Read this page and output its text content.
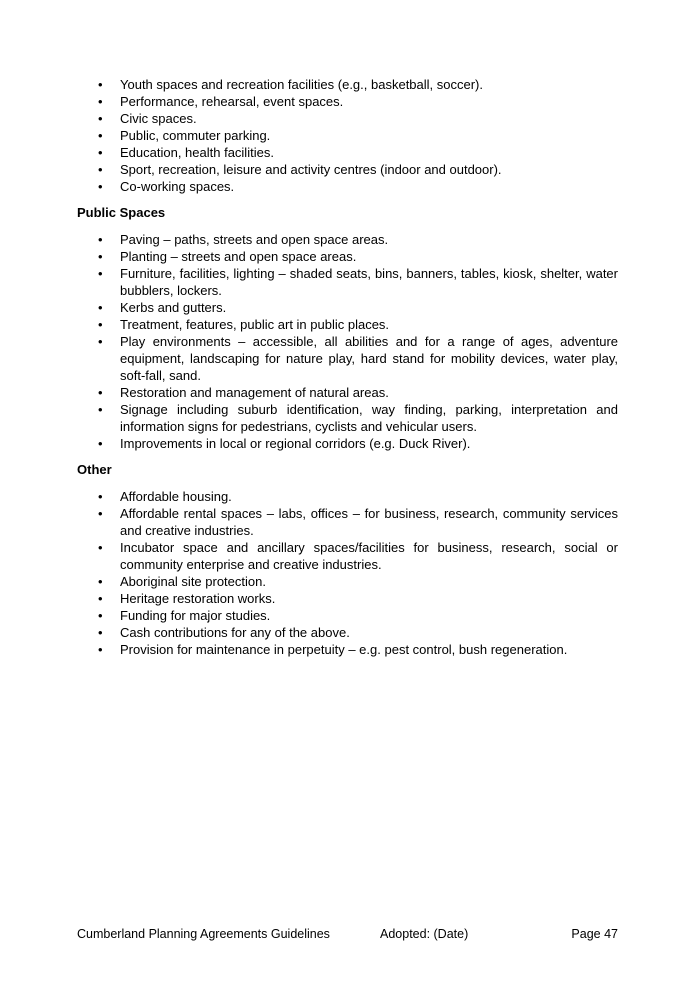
• Youth spaces and recreation facilities (e.g., basketball, soccer).
• Performance, rehearsal, event spaces.
• Civic spaces.
• Public, commuter parking.
• Education, health facilities.
• Sport, recreation, leisure and activity centres (indoor and outdoor).
• Co-working spaces.
Public Spaces
• Paving – paths, streets and open space areas.
• Planting – streets and open space areas.
• Furniture, facilities, lighting – shaded seats, bins, banners, tables, kiosk, shelter, water bubblers, lockers.
• Kerbs and gutters.
• Treatment, features, public art in public places.
• Play environments – accessible, all abilities and for a range of ages, adventure equipment, landscaping for nature play, hard stand for mobility devices, water play, soft-fall, sand.
• Restoration and management of natural areas.
• Signage including suburb identification, way finding, parking, interpretation and information signs for pedestrians, cyclists and vehicular users.
• Improvements in local or regional corridors (e.g. Duck River).
Other
• Affordable housing.
• Affordable rental spaces – labs, offices – for business, research, community services and creative industries.
• Incubator space and ancillary spaces/facilities for business, research, social or community enterprise and creative industries.
• Aboriginal site protection.
• Heritage restoration works.
• Funding for major studies.
• Cash contributions for any of the above.
• Provision for maintenance in perpetuity – e.g. pest control, bush regeneration.
Cumberland Planning Agreements Guidelines	Adopted: (Date)	Page 47
